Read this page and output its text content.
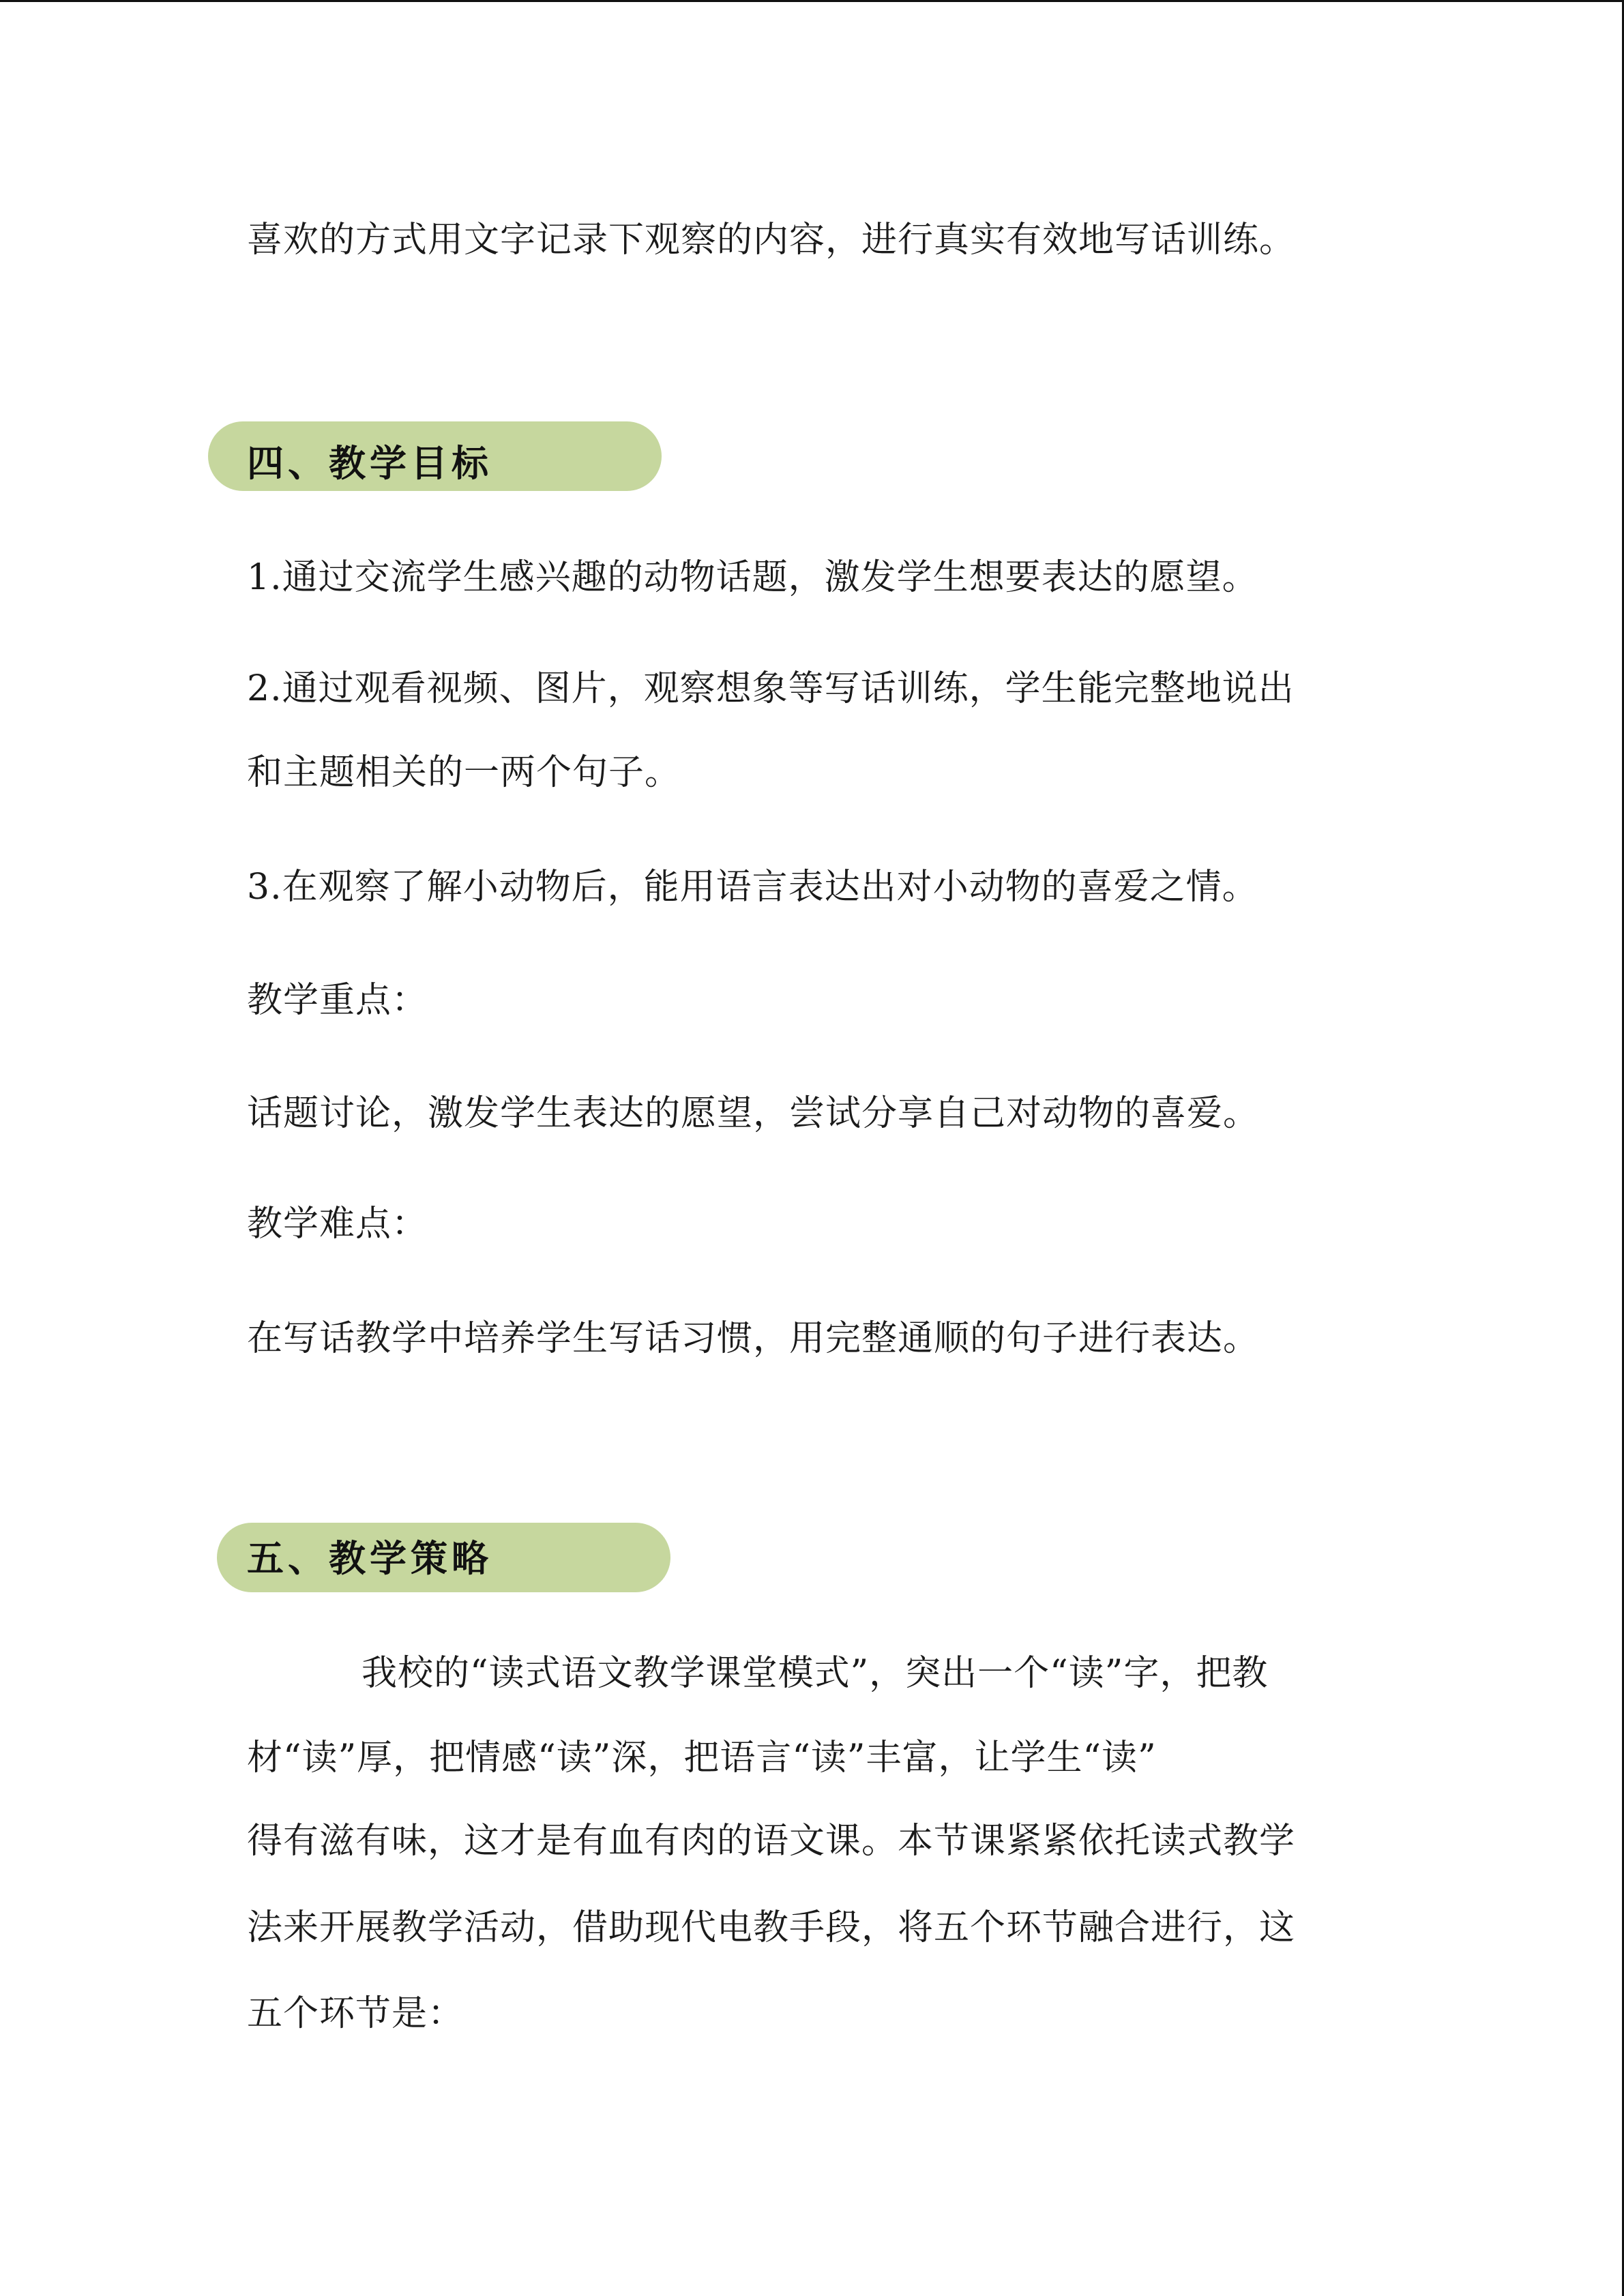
喜欢的方式用文字记录下观察的内容，进行真实有效地写话训练。
四、教学目标
1.通过交流学生感兴趣的动物话题，激发学生想要表达的愿望。
2.通过观看视频、图片，观察想象等写话训练，学生能完整地说出
和主题相关的一两个句子。
3.在观察了解小动物后，能用语言表达出对小动物的喜爱之情。
教学重点：
话题讨论，激发学生表达的愿望，尝试分享自己对动物的喜爱。
教学难点：
在写话教学中培养学生写话习惯，用完整通顺的句子进行表达。
五、教学策略
我校的“读式语文教学课堂模式”，突出一个“读”字，把教
材“读”厚，把情感“读”深，把语言“读”丰富，让学生“读”
得有滋有味，这才是有血有肉的语文课。本节课紧紧依托读式教学
法来开展教学活动，借助现代电教手段，将五个环节融合进行，这
五个环节是：
